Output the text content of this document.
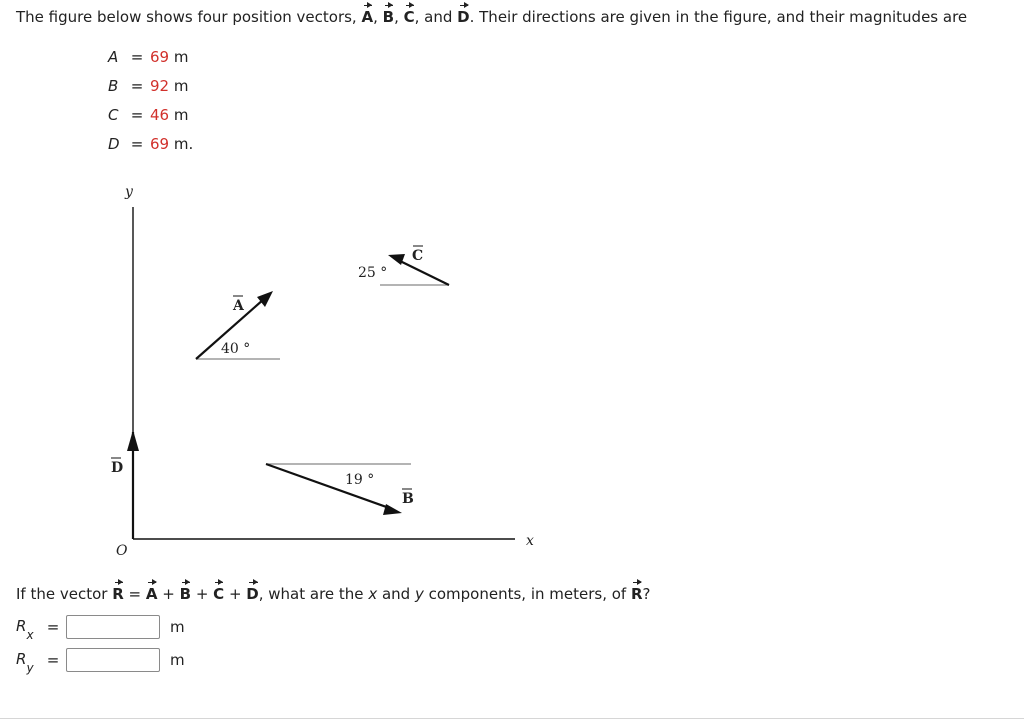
The figure below shows four position vectors, A, B, C, and D. Their directions are given in the figure, and their magnitudes are
A = 69 m
B = 92 m
C = 46 m
D = 69 m.
y
x
O
D
A
40 °
C
25 °
B
19 °
If the vector R = A + B + C + D, what are the x and y components, in meters, of R?
$R_x$ =	m
$R_y$ =	m
